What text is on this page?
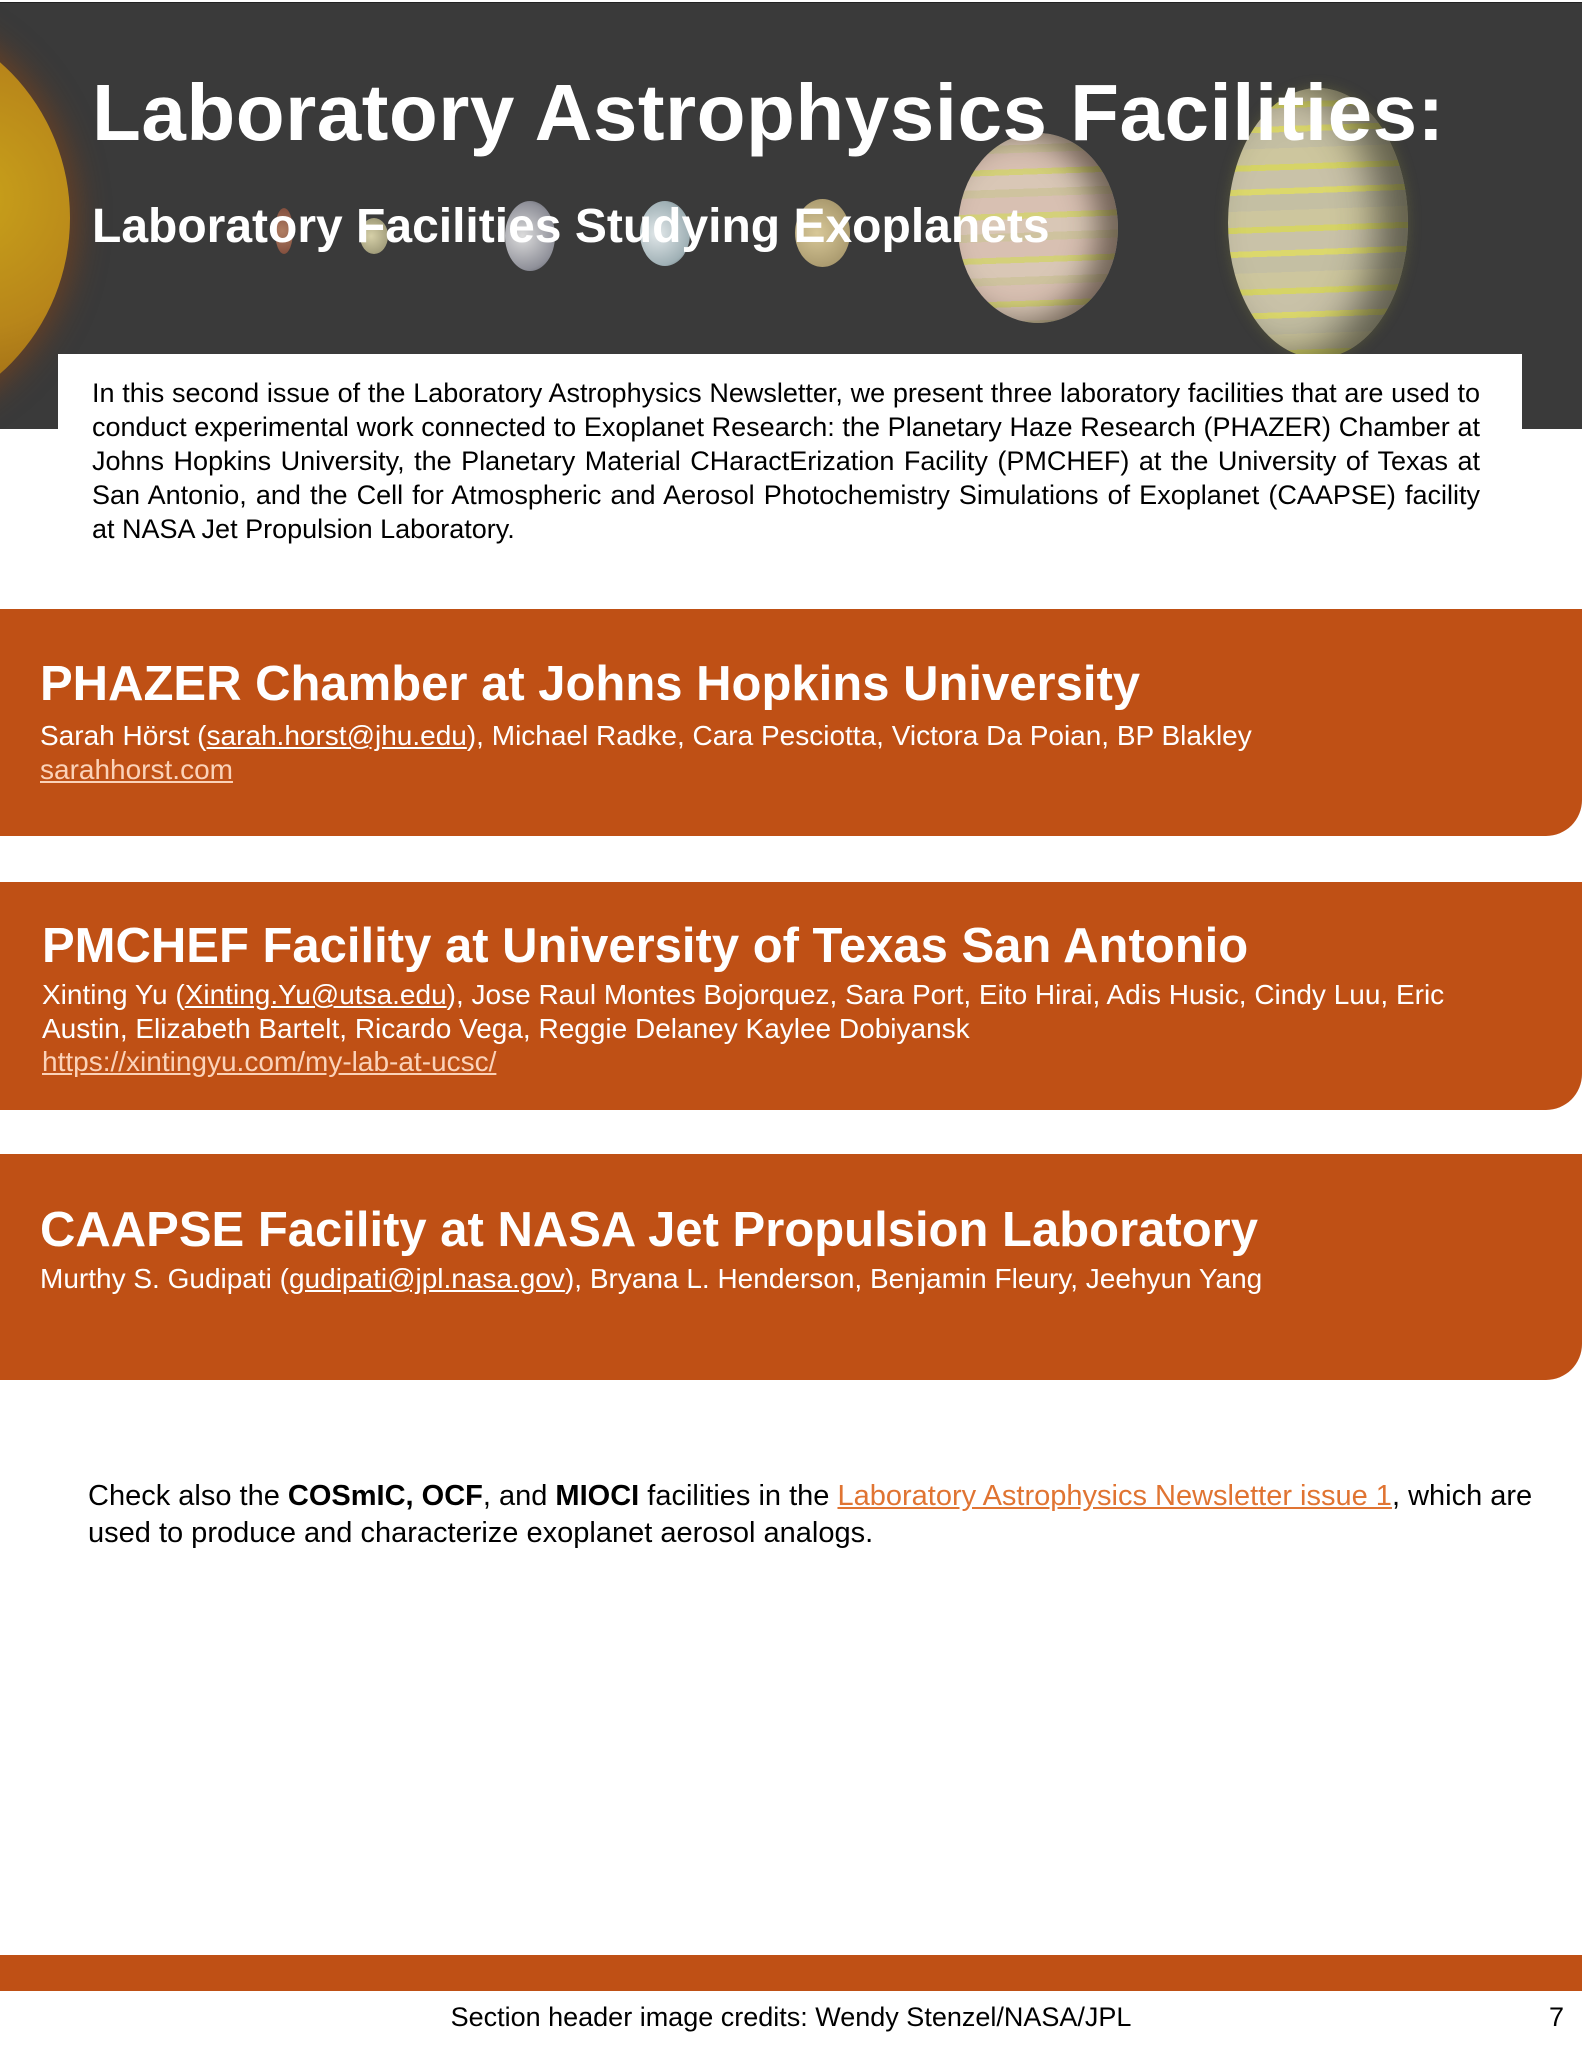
Laboratory Astrophysics Facilities:
Laboratory Facilities Studying Exoplanets

In this second issue of the Laboratory Astrophysics Newsletter, we present three laboratory facilities that are used to conduct experimental work connected to Exoplanet Research: the Planetary Haze Research (PHAZER) Chamber at Johns Hopkins University, the Planetary Material CHaractErization Facility (PMCHEF) at the University of Texas at San Antonio, and the Cell for Atmospheric and Aerosol Photochemistry Simulations of Exoplanet (CAAPSE) facility at NASA Jet Propulsion Laboratory.

PHAZER Chamber at Johns Hopkins University

Sarah Hörst (sarah.horst@jhu.edu), Michael Radke, Cara Pesciotta, Victora Da Poian, BP Blakley

sarahhorst.com

PMCHEF Facility at University of Texas San Antonio

Xinting Yu (Xinting.Yu@utsa.edu), Jose Raul Montes Bojorquez, Sara Port, Eito Hirai, Adis Husic, Cindy Luu, Eric Austin, Elizabeth Bartelt, Ricardo Vega, Reggie Delaney Kaylee Dobiyansk

https://xintingyu.com/my-lab-at-ucsc/

CAAPSE Facility at NASA Jet Propulsion Laboratory

Murthy S. Gudipati (gudipati@jpl.nasa.gov), Bryana L. Henderson, Benjamin Fleury, Jeehyun Yang

Check also the COSmIC, OCF, and MIOCI facilities in the Laboratory Astrophysics Newsletter issue 1, which are used to produce and characterize exoplanet aerosol analogs.

Section header image credits: Wendy Stenzel/NASA/JPL	7
